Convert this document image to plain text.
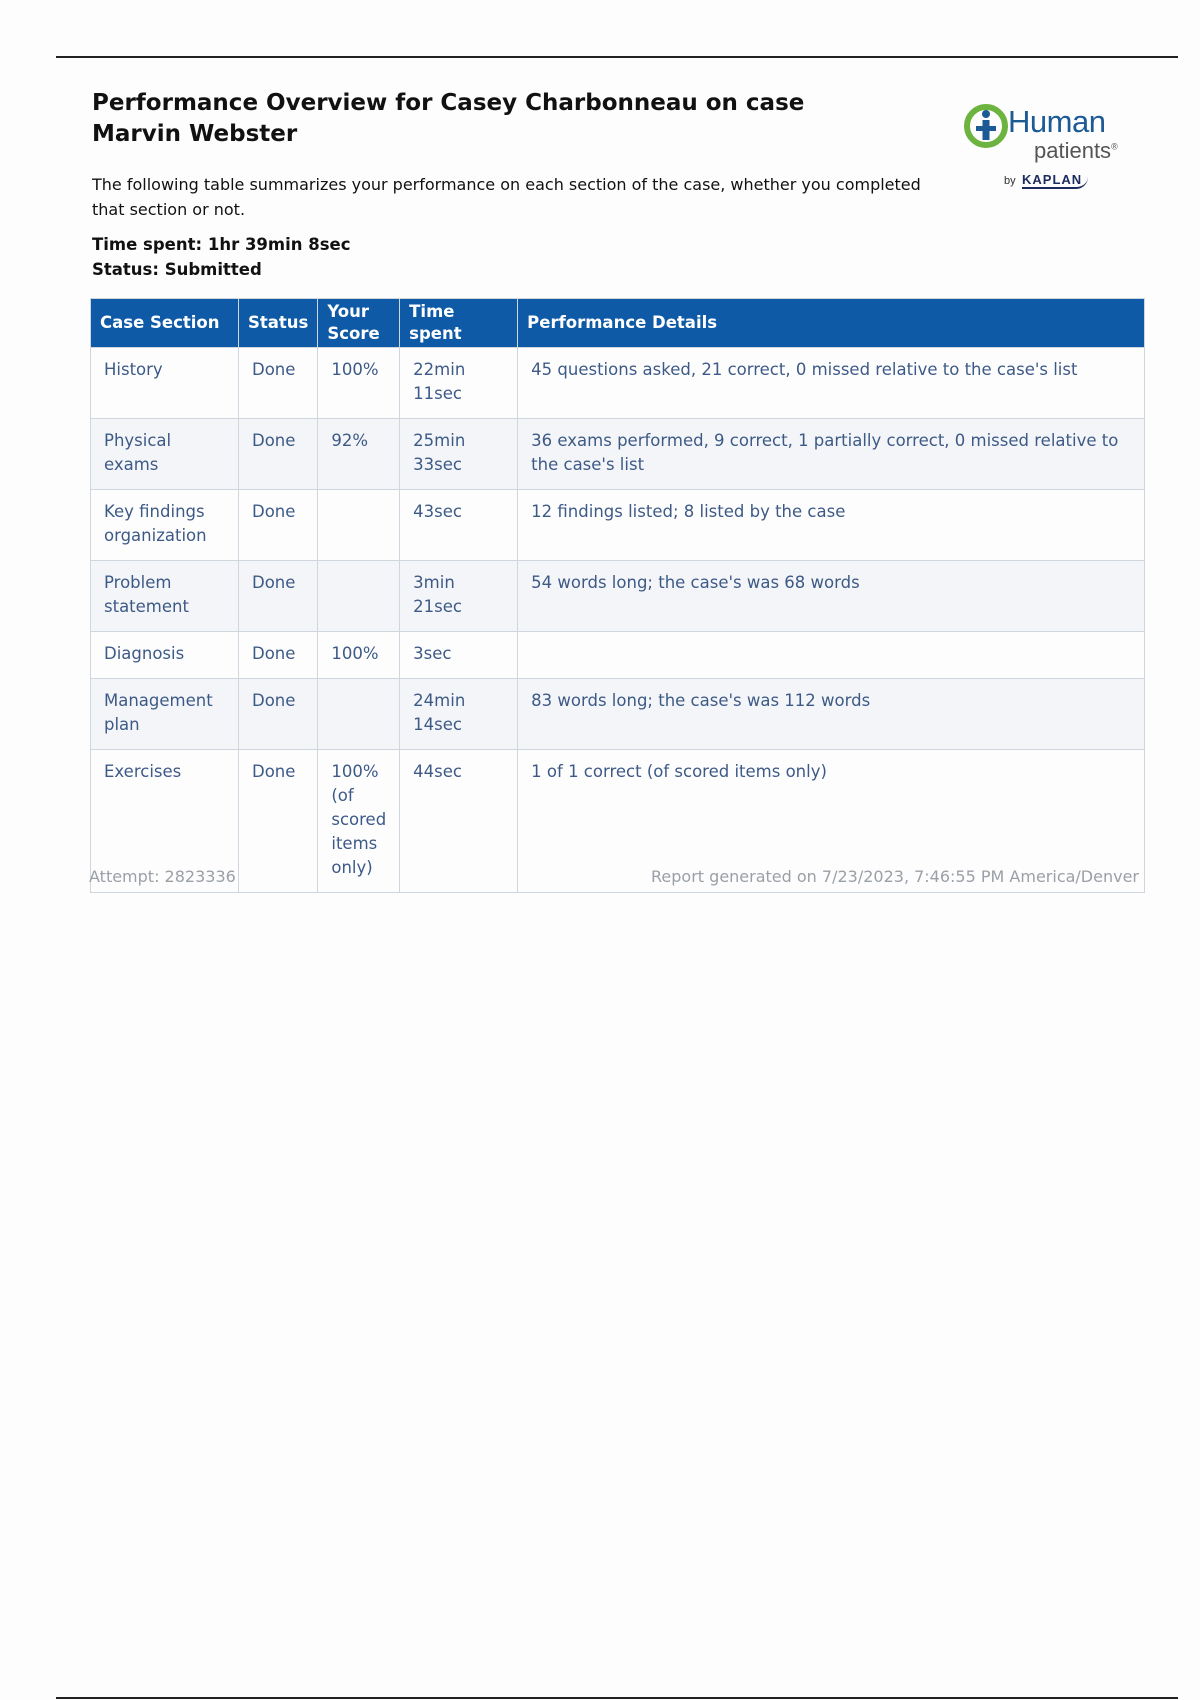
Performance Overview for Casey Charbonneau on case Marvin Webster
The following table summarizes your performance on each section of the case, whether you completed that section or not.
Time spent: 1hr 39min 8sec Status: Submitted
Human
patients®
by KAPLAN
Case Section	Status	Your Score	Time spent	Performance Details
History	Done	100%	22min 11sec	45 questions asked, 21 correct, 0 missed relative to the case's list
Physical exams	Done	92%	25min 33sec	36 exams performed, 9 correct, 1 partially correct, 0 missed relative to the case's list
Key findings organization	Done		43sec	12 findings listed; 8 listed by the case
Problem statement	Done		3min 21sec	54 words long; the case's was 68 words
Diagnosis	Done	100%	3sec	
Management plan	Done		24min 14sec	83 words long; the case's was 112 words
Exercises	Done	100% (of scored items only)	44sec	1 of 1 correct (of scored items only)
Attempt: 2823336	Report generated on 7/23/2023, 7:46:55 PM America/Denver
